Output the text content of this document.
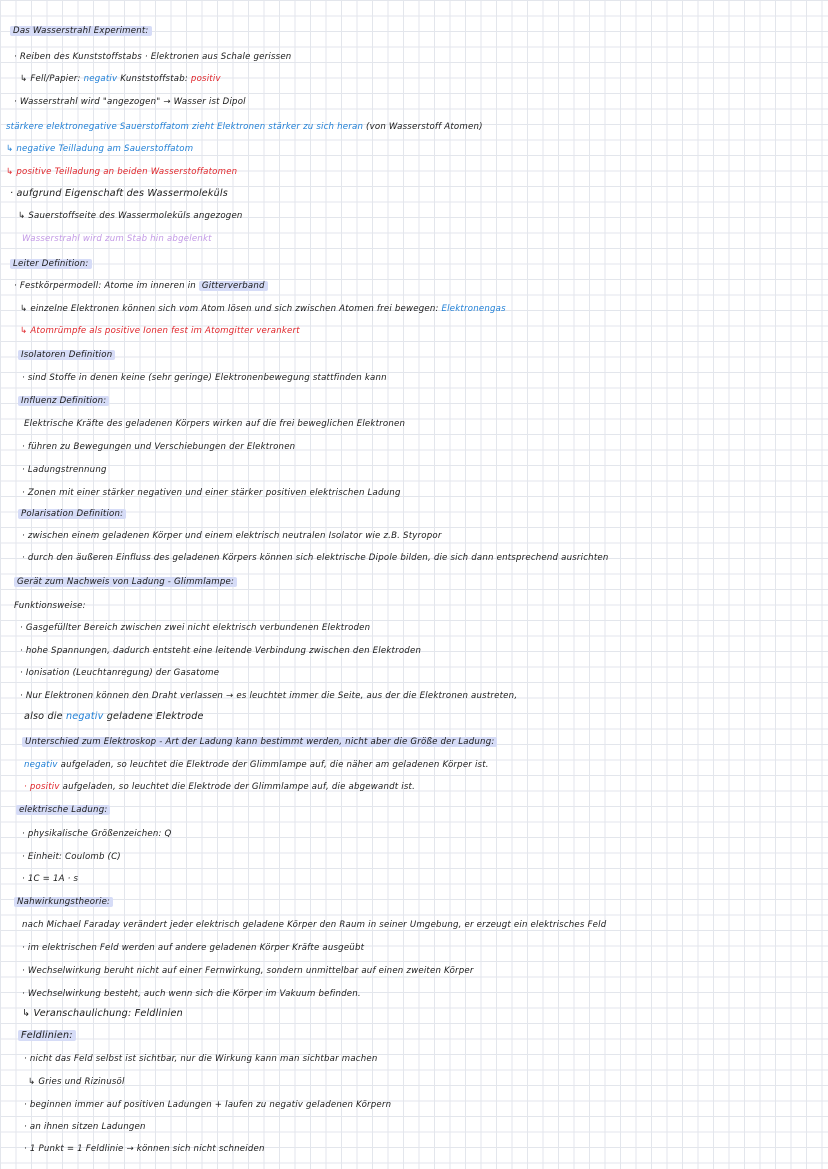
Das Wasserstrahl Experiment:
· Reiben des Kunststoffstabs · Elektronen aus Schale gerissen
↳ Fell/Papier: negativ Kunststoffstab: positiv
· Wasserstrahl wird "angezogen" → Wasser ist Dipol
stärkere elektronegative Sauerstoffatom zieht Elektronen stärker zu sich heran (von Wasserstoff Atomen)
↳ negative Teilladung am Sauerstoffatom
↳ positive Teilladung an beiden Wasserstoffatomen
· aufgrund Eigenschaft des Wassermoleküls
↳ Sauerstoffseite des Wassermoleküls angezogen
Wasserstrahl wird zum Stab hin abgelenkt
Leiter Definition:
· Festkörpermodell: Atome im inneren in Gitterverband
↳ einzelne Elektronen können sich vom Atom lösen und sich zwischen Atomen frei bewegen: Elektronengas
↳ Atomrümpfe als positive Ionen fest im Atomgitter verankert
Isolatoren Definition
· sind Stoffe in denen keine (sehr geringe) Elektronenbewegung stattfinden kann
Influenz Definition:
Elektrische Kräfte des geladenen Körpers wirken auf die frei beweglichen Elektronen
· führen zu Bewegungen und Verschiebungen der Elektronen
· Ladungstrennung
· Zonen mit einer stärker negativen und einer stärker positiven elektrischen Ladung
Polarisation Definition:
· zwischen einem geladenen Körper und einem elektrisch neutralen Isolator wie z.B. Styropor
· durch den äußeren Einfluss des geladenen Körpers können sich elektrische Dipole bilden, die sich dann entsprechend ausrichten
Gerät zum Nachweis von Ladung - Glimmlampe:
Funktionsweise:
· Gasgefüllter Bereich zwischen zwei nicht elektrisch verbundenen Elektroden
· hohe Spannungen, dadurch entsteht eine leitende Verbindung zwischen den Elektroden
· Ionisation (Leuchtanregung) der Gasatome
· Nur Elektronen können den Draht verlassen → es leuchtet immer die Seite, aus der die Elektronen austreten,
also die negativ geladene Elektrode
Unterschied zum Elektroskop - Art der Ladung kann bestimmt werden, nicht aber die Größe der Ladung:
negativ aufgeladen, so leuchtet die Elektrode der Glimmlampe auf, die näher am geladenen Körper ist.
· positiv aufgeladen, so leuchtet die Elektrode der Glimmlampe auf, die abgewandt ist.
elektrische Ladung:
· physikalische Größenzeichen: Q
· Einheit: Coulomb (C)
· 1C = 1A · s
Nahwirkungstheorie:
nach Michael Faraday verändert jeder elektrisch geladene Körper den Raum in seiner Umgebung, er erzeugt ein elektrisches Feld
· im elektrischen Feld werden auf andere geladenen Körper Kräfte ausgeübt
· Wechselwirkung beruht nicht auf einer Fernwirkung, sondern unmittelbar auf einen zweiten Körper
· Wechselwirkung besteht, auch wenn sich die Körper im Vakuum befinden.
↳ Veranschaulichung: Feldlinien
Feldlinien:
· nicht das Feld selbst ist sichtbar, nur die Wirkung kann man sichtbar machen
↳ Gries und Rizinusöl
· beginnen immer auf positiven Ladungen + laufen zu negativ geladenen Körpern
· an ihnen sitzen Ladungen
· 1 Punkt = 1 Feldlinie → können sich nicht schneiden
